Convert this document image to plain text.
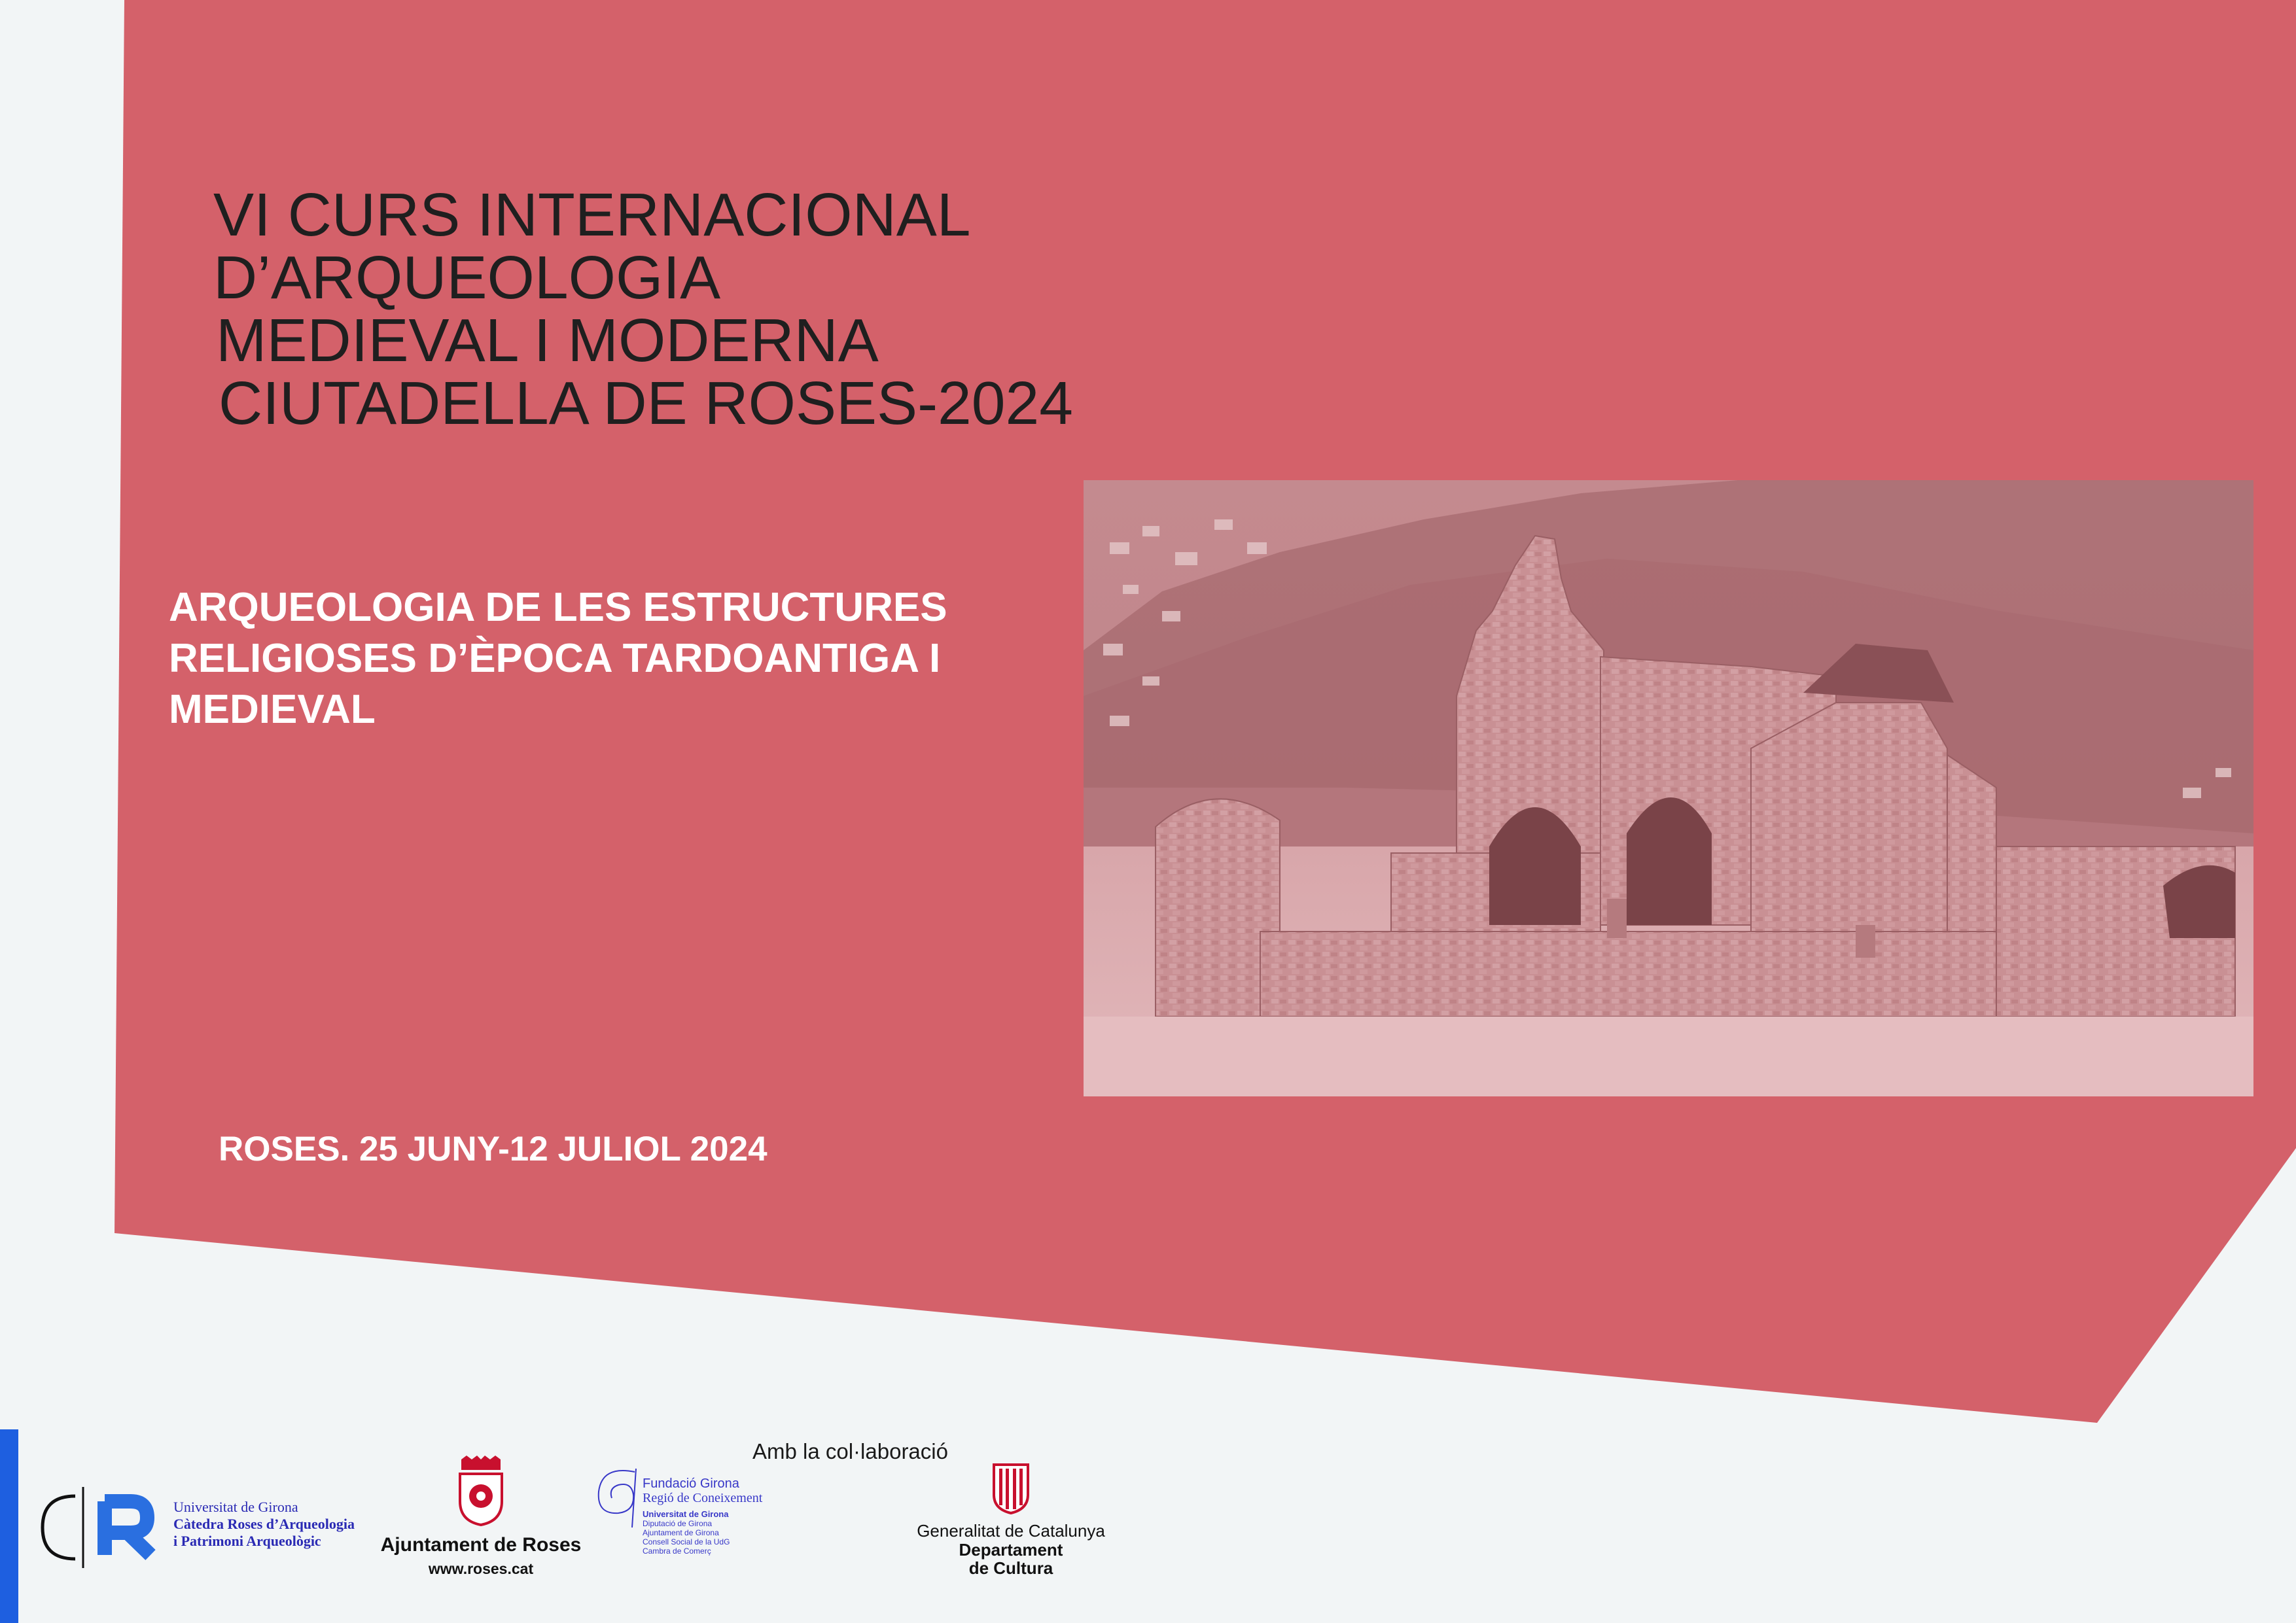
VI CURS INTERNACIONAL
D’ARQUEOLOGIA
MEDIEVAL I MODERNA
CIUTADELLA DE ROSES-2024

ARQUEOLOGIA DE LES ESTRUCTURES
RELIGIOSES D’ÈPOCA TARDOANTIGA I
MEDIEVAL

ROSES. 25 JUNY-12 JULIOL 2024

Amb la col·laboració

Universitat de Girona
Càtedra Roses d’Arqueologia
i Patrimoni Arqueològic	Ajuntament de Roses
www.roses.cat
Fundació Girona
Regió de Coneixement
Universitat de Girona
Diputació de Girona
Ajuntament de Girona
Consell Social de la UdG
Cambra de Comerç
Generalitat de Catalunya
Departament
de Cultura
